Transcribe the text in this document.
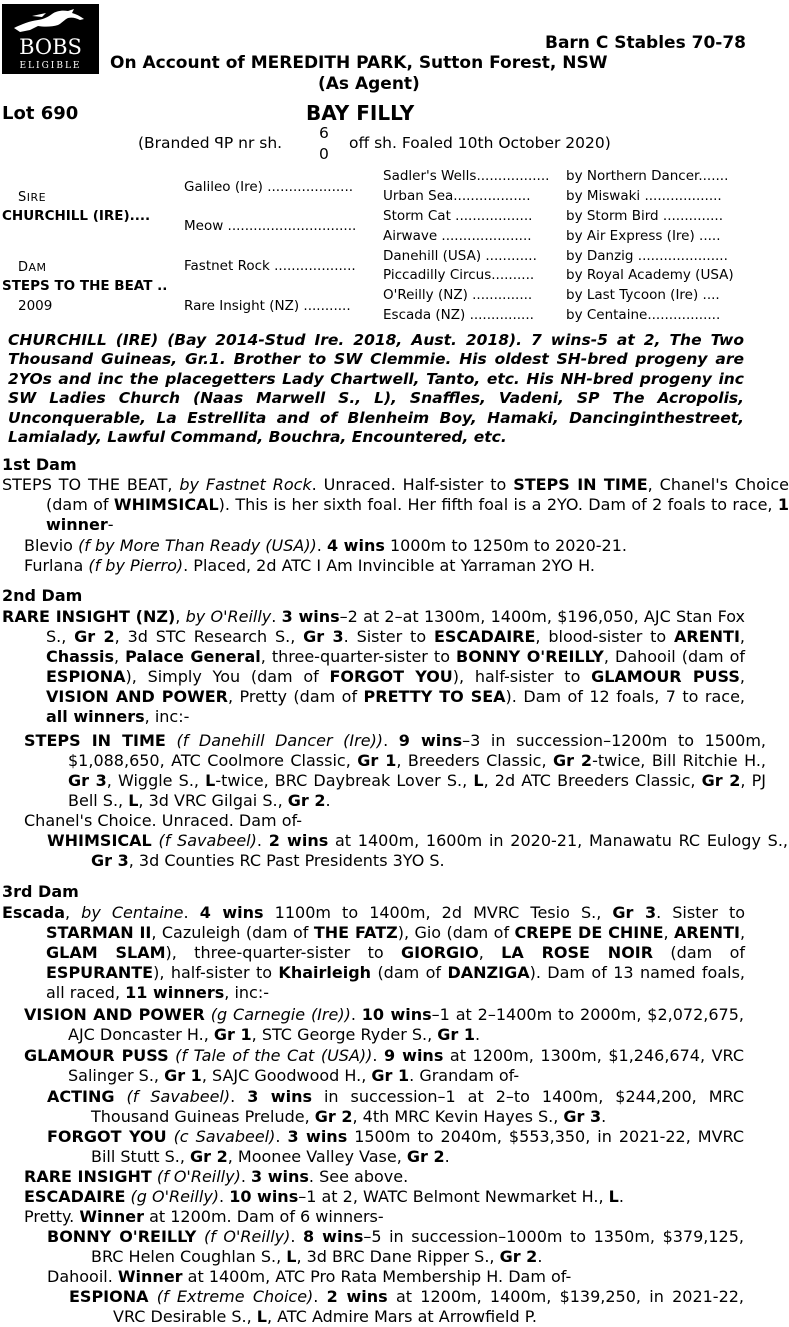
BOBS
ELIGIBLE
Barn C Stables 70-78
On Account of MEREDITH PARK, Sutton Forest, NSW
(As Agent)
Lot 690	BAY FILLY
(Branded ꟼP nr sh.
6
0
off sh. Foaled 10th October 2020)
SIRE
CHURCHILL (IRE)....
DAM
STEPS TO THE BEAT ..
2009
Galileo (Ire) ....................
Meow ..............................
Fastnet Rock ...................
Rare Insight (NZ) ...........
Sadler's Wells.................
Urban Sea..................
Storm Cat ..................
Airwave .....................
Danehill (USA) ............
Piccadilly Circus..........
O'Reilly (NZ) ..............
Escada (NZ) ...............
by Northern Dancer.......
by Miswaki ..................
by Storm Bird ..............
by Air Express (Ire) .....
by Danzig .....................
by Royal Academy (USA)
by Last Tycoon (Ire) ....
by Centaine.................
CHURCHILL (IRE) (Bay 2014-Stud Ire. 2018, Aust. 2018). 7 wins-5 at 2, The Two Thousand Guineas, Gr.1. Brother to SW Clemmie. His oldest SH-bred progeny are 2YOs and inc the placegetters Lady Chartwell, Tanto, etc. His NH-bred progeny inc SW Ladies Church (Naas Marwell S., L), Snaffles, Vadeni, SP The Acropolis, Unconquerable, La Estrellita and of Blenheim Boy, Hamaki, Dancinginthestreet, Lamialady, Lawful Command, Bouchra, Encountered, etc.
1st Dam
STEPS TO THE BEAT, by Fastnet Rock. Unraced. Half-sister to STEPS IN TIME, Chanel's Choice (dam of WHIMSICAL). This is her sixth foal. Her fifth foal is a 2YO. Dam of 2 foals to race, 1 winner-
Blevio (f by More Than Ready (USA)). 4 wins 1000m to 1250m to 2020-21.
Furlana (f by Pierro). Placed, 2d ATC I Am Invincible at Yarraman 2YO H.
2nd Dam
RARE INSIGHT (NZ), by O'Reilly. 3 wins–2 at 2–at 1300m, 1400m, $196,050, AJC Stan Fox S., Gr 2, 3d STC Research S., Gr 3. Sister to ESCADAIRE, blood-sister to ARENTI, Chassis, Palace General, three-quarter-sister to BONNY O'REILLY, Dahooil (dam of ESPIONA), Simply You (dam of FORGOT YOU), half-sister to GLAMOUR PUSS, VISION AND POWER, Pretty (dam of PRETTY TO SEA). Dam of 12 foals, 7 to race, all winners, inc:-
STEPS IN TIME (f Danehill Dancer (Ire)). 9 wins–3 in succession–1200m to 1500m, $1,088,650, ATC Coolmore Classic, Gr 1, Breeders Classic, Gr 2-twice, Bill Ritchie H., Gr 3, Wiggle S., L-twice, BRC Daybreak Lover S., L, 2d ATC Breeders Classic, Gr 2, PJ Bell S., L, 3d VRC Gilgai S., Gr 2.
Chanel's Choice. Unraced. Dam of-
WHIMSICAL (f Savabeel). 2 wins at 1400m, 1600m in 2020-21, Manawatu RC Eulogy S., Gr 3, 3d Counties RC Past Presidents 3YO S.
3rd Dam
Escada, by Centaine. 4 wins 1100m to 1400m, 2d MVRC Tesio S., Gr 3. Sister to STARMAN II, Cazuleigh (dam of THE FATZ), Gio (dam of CREPE DE CHINE, ARENTI, GLAM SLAM), three-quarter-sister to GIORGIO, LA ROSE NOIR (dam of ESPURANTE), half-sister to Khairleigh (dam of DANZIGA). Dam of 13 named foals, all raced, 11 winners, inc:-
VISION AND POWER (g Carnegie (Ire)). 10 wins–1 at 2–1400m to 2000m, $2,072,675, AJC Doncaster H., Gr 1, STC George Ryder S., Gr 1.
GLAMOUR PUSS (f Tale of the Cat (USA)). 9 wins at 1200m, 1300m, $1,246,674, VRC Salinger S., Gr 1, SAJC Goodwood H., Gr 1. Grandam of-
ACTING (f Savabeel). 3 wins in succession–1 at 2–to 1400m, $244,200, MRC Thousand Guineas Prelude, Gr 2, 4th MRC Kevin Hayes S., Gr 3.
FORGOT YOU (c Savabeel). 3 wins 1500m to 2040m, $553,350, in 2021-22, MVRC Bill Stutt S., Gr 2, Moonee Valley Vase, Gr 2.
RARE INSIGHT (f O'Reilly). 3 wins. See above.
ESCADAIRE (g O'Reilly). 10 wins–1 at 2, WATC Belmont Newmarket H., L.
Pretty. Winner at 1200m. Dam of 6 winners-
BONNY O'REILLY (f O'Reilly). 8 wins–5 in succession–1000m to 1350m, $379,125, BRC Helen Coughlan S., L, 3d BRC Dane Ripper S., Gr 2.
Dahooil. Winner at 1400m, ATC Pro Rata Membership H. Dam of-
ESPIONA (f Extreme Choice). 2 wins at 1200m, 1400m, $139,250, in 2021-22, VRC Desirable S., L, ATC Admire Mars at Arrowfield P.
